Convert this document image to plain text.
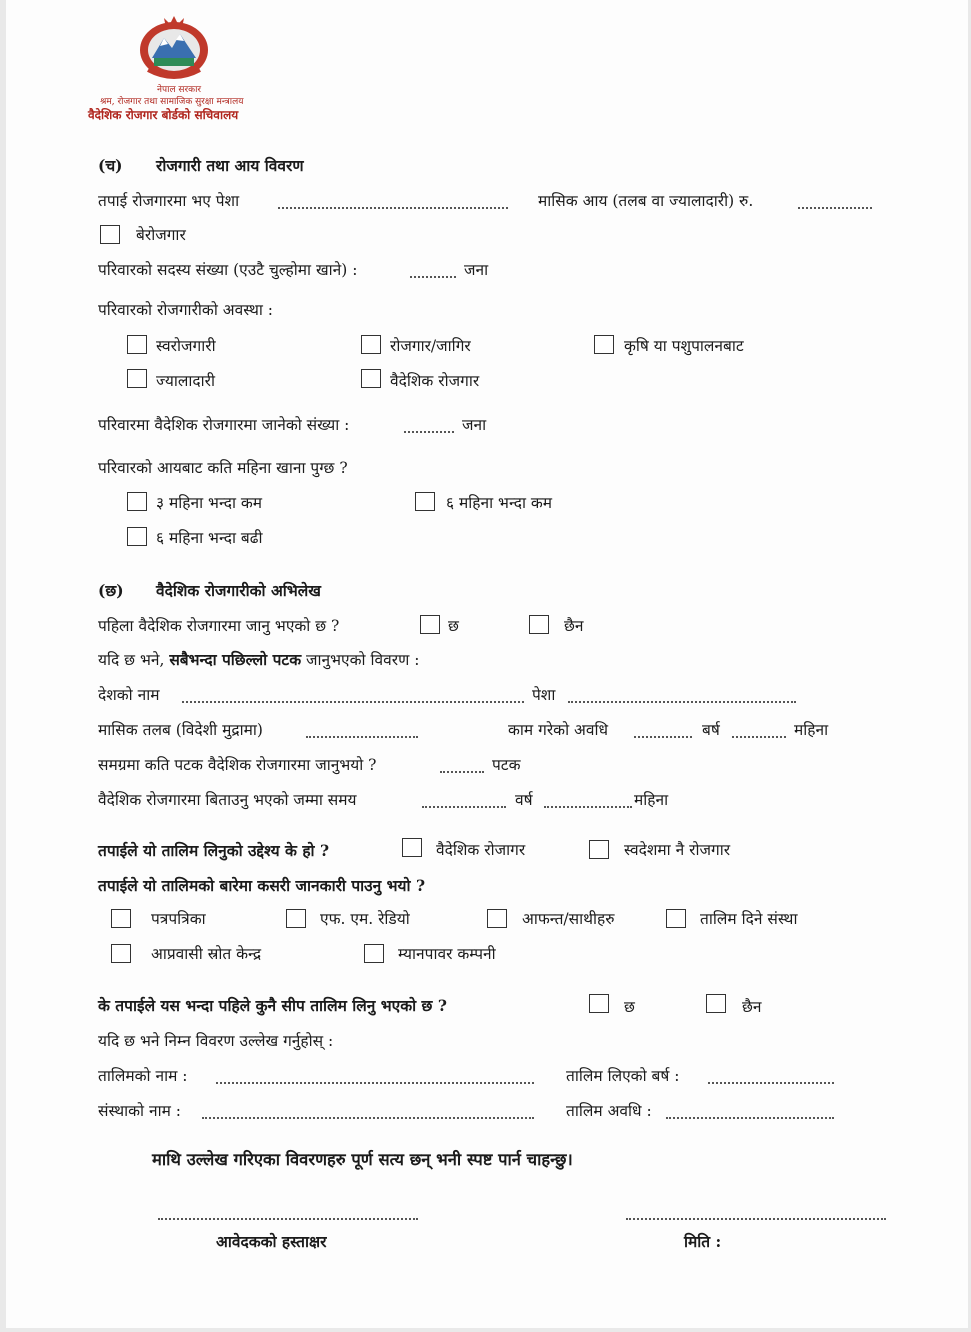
नेपाल सरकार
श्रम, रोजगार तथा सामाजिक सुरक्षा मन्त्रालय
वैदेशिक रोजगार बोर्डको सचिवालय
(च) रोजगारी तथा आय विवरण
तपाई रोजगारमा भए पेशा	मासिक आय (तलब वा ज्यालादारी) रु.
बेरोजगार
परिवारको सदस्य संख्या (एउटै चुल्होमा खाने) :	जना
परिवारको रोजगारीको अवस्था :
स्वरोजगारी	रोजगार/जागिर	कृषि या पशुपालनबाट
ज्यालादारी	वैदेशिक रोजगार
परिवारमा वैदेशिक रोजगारमा जानेको संख्या :	जना
परिवारको आयबाट कति महिना खाना पुग्छ ?
३ महिना भन्दा कम	६ महिना भन्दा कम
६ महिना भन्दा बढी
(छ) वैदेशिक रोजगारीको अभिलेख
पहिला वैदेशिक रोजगारमा जानु भएको छ ?	छ	छैन
यदि छ भने, सबैभन्दा पछिल्लो पटक जानुभएको विवरण :
देशको नाम	पेशा
मासिक तलब (विदेशी मुद्रामा)	काम गरेको अवधि	बर्ष	महिना
समग्रमा कति पटक वैदेशिक रोजगारमा जानुभयो ?	पटक
वैदेशिक रोजगारमा बिताउनु भएको जम्मा समय	वर्ष	महिना
तपाईले यो तालिम लिनुको उद्देश्य के हो ?	वैदेशिक रोजागर	स्वदेशमा नै रोजगार
तपाईले यो तालिमको बारेमा कसरी जानकारी पाउनु भयो ?
पत्रपत्रिका	एफ. एम. रेडियो	आफन्त/साथीहरु	तालिम दिने संस्था
आप्रवासी स्रोत केन्द्र	म्यानपावर कम्पनी
के तपाईले यस भन्दा पहिले कुनै सीप तालिम लिनु भएको छ ?	छ	छैन
यदि छ भने निम्न विवरण उल्लेख गर्नुहोस् :
तालिमको नाम :	तालिम लिएको बर्ष :
संस्थाको नाम :	तालिम अवधि :
माथि उल्लेख गरिएका विवरणहरु पूर्ण सत्य छन् भनी स्पष्ट पार्न चाहन्छु।
आवेदकको हस्ताक्षर	मिति :
